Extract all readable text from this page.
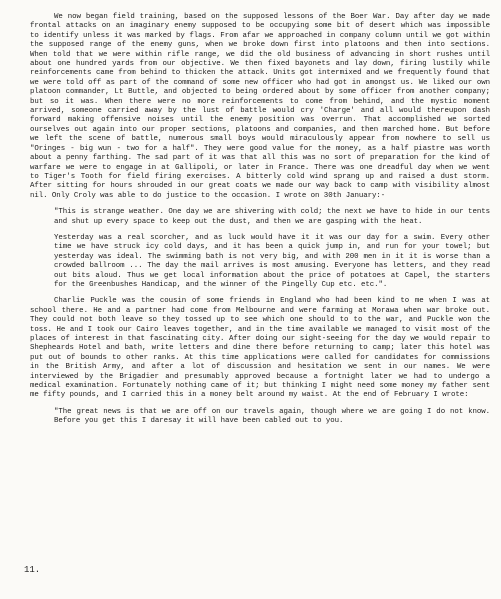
We now began field training, based on the supposed lessons of the Boer War. Day after day we made frontal attacks on an imaginary enemy supposed to be occupying some bit of desert which was impossible to identify unless it was marked by flags. From afar we approached in company column until we got within the supposed range of the enemy guns, when we broke down first into platoons and then into sections. When told that we were within rifle range, we did the old business of advancing in short rushes until about one hundred yards from our objective. We then fixed bayonets and lay down, firing lustily while reinforcements came from behind to thicken the attack. Units got intermixed and we frequently found that we were told off as part of the command of some new officer who had got in amongst us. We liked our own platoon commander, Lt Buttle, and objected to being ordered about by some officer from another company; but so it was. When there were no more reinforcements to come from behind, and the mystic moment arrived, someone carried away by the lust of battle would cry 'Charge' and all would thereupon dash forward making offensive noises until the enemy position was overrun. That accomplished we sorted ourselves out again into our proper sections, platoons and companies, and then marched home. But before we left the scene of battle, numerous small boys would miraculously appear from nowhere to sell us "Oringes - big wun - two for a half". They were good value for the money, as a half piastre was worth about a penny farthing. The sad part of it was that all this was no sort of preparation for the kind of warfare we were to engage in at Gallipoli, or later in France. There was one dreadful day when we went to Tiger's Tooth for field firing exercises. A bitterly cold wind sprang up and raised a dust storm. After sitting for hours shrouded in our great coats we made our way back to camp with visibility almost nil. Only Croly was able to do justice to the occasion. I wrote on 30th January:-

"This is strange weather. One day we are shivering with cold; the next we have to hide in our tents and shut up every space to keep out the dust, and then we are gasping with the heat.

Yesterday was a real scorcher, and as luck would have it it was our day for a swim. Every other time we have struck icy cold days, and it has been a quick jump in, and run for your towel; but yesterday was ideal. The swimming bath is not very big, and with 200 men in it it is worse than a crowded ballroom ... The day the mail arrives is most amusing. Everyone has letters, and they read out bits aloud. Thus we get local information about the price of potatoes at Capel, the starters for the Greenbushes Handicap, and the winner of the Pingelly Cup etc. etc.".

Charlie Puckle was the cousin of some friends in England who had been kind to me when I was at school there. He and a partner had come from Melbourne and were farming at Morawa when war broke out. They could not both leave so they tossed up to see which one should to to the war, and Puckle won the toss. He and I took our Cairo leaves together, and in the time available we managed to visit most of the places of interest in that fascinating city. After doing our sight-seeing for the day we would repair to Shepheards Hotel and bath, write letters and dine there before returning to camp; later this hotel was put out of bounds to other ranks. At this time applications were called for candidates for commissions in the British Army, and after a lot of discussion and hesitation we sent in our names. We were interviewed by the Brigadier and presumably approved because a fortnight later we had to undergo a medical examination. Fortunately nothing came of it; but thinking I might need some money my father sent me fifty pounds, and I carried this in a money belt around my waist. At the end of February I wrote:

"The great news is that we are off on our travels again, though where we are going I do not know. Before you get this I daresay it will have been cabled out to you.

11.
